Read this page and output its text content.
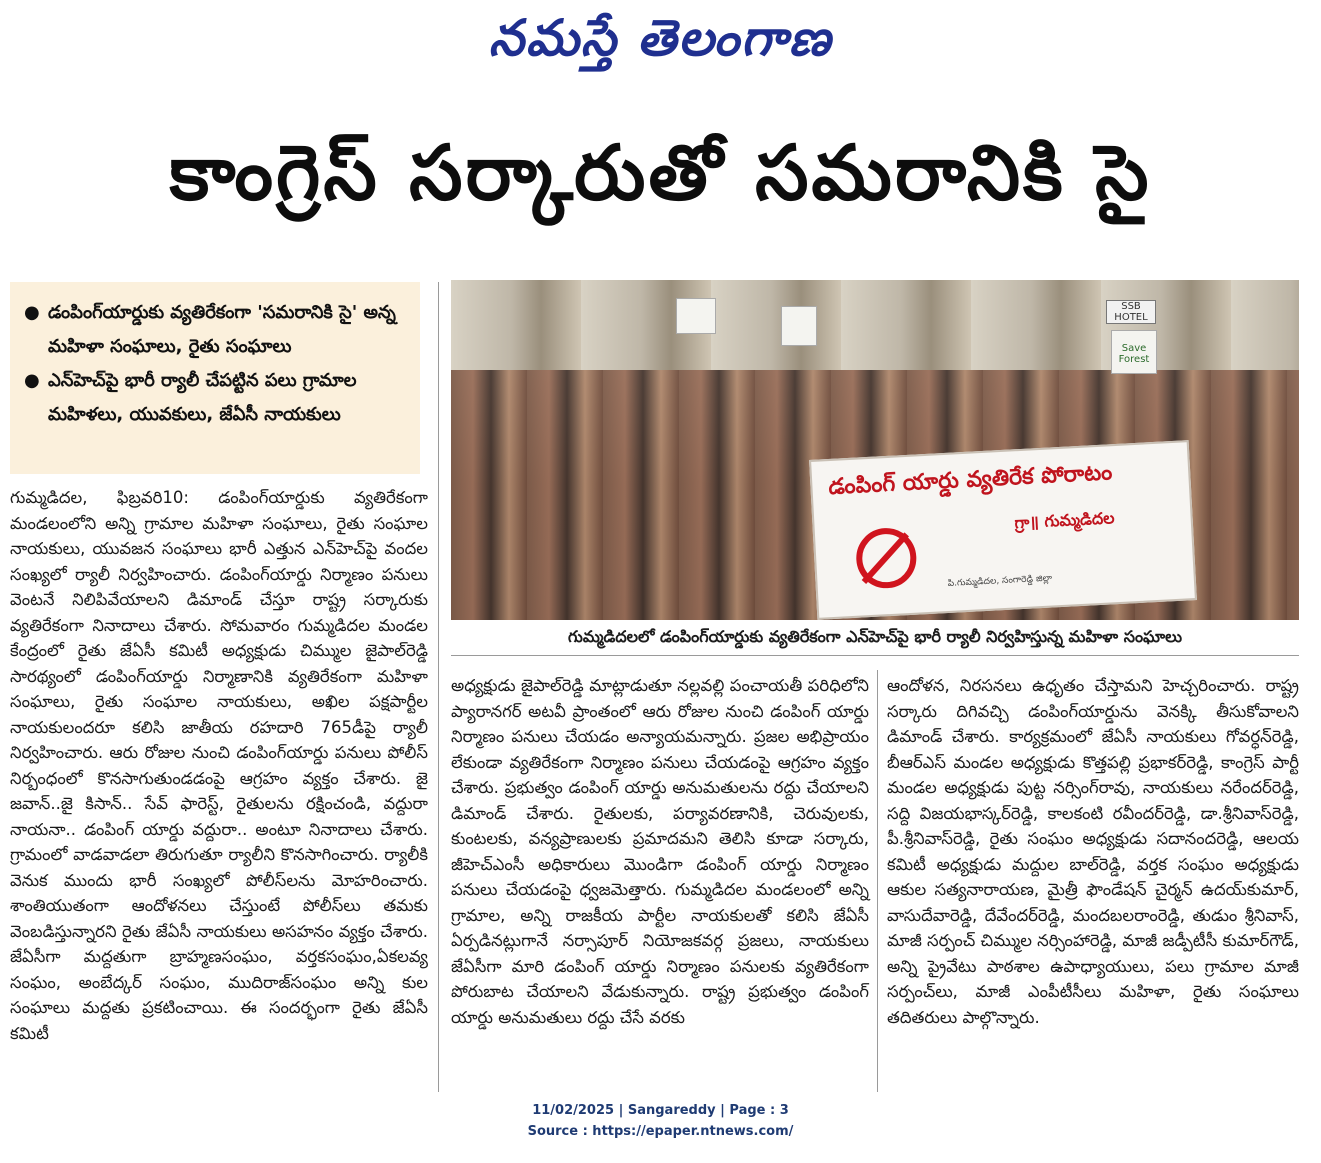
నమస్తే తెలంగాణ
కాంగ్రెస్ సర్కారుతో సమరానికి సై
● డంపింగ్‌యార్డుకు వ్యతిరేకంగా 'సమరానికి సై' అన్న మహిళా సంఘాలు, రైతు సంఘాలు
● ఎన్‌హెచ్‌పై భారీ ర్యాలీ చేపట్టిన పలు గ్రామాల మహిళలు, యువకులు, జేఏసీ నాయకులు
SSB HOTEL
Save Forest
డంపింగ్ యార్డు వ్యతిరేక పోరాటం
గ్రా॥ గుమ్మడిదల
పి.గుమ్మడిదల, సంగారెడ్డి జిల్లా
గుమ్మడిదలలో డంపింగ్‌యార్డుకు వ్యతిరేకంగా ఎన్‌హెచ్‌పై భారీ ర్యాలీ నిర్వహిస్తున్న మహిళా సంఘాలు

గుమ్మడిదల, ఫిబ్రవరి10: డంపింగ్‌యార్డుకు వ్యతిరేకంగా మండలంలోని అన్ని గ్రామాల మహిళా సంఘాలు, రైతు సంఘాల నాయకులు, యువజన సంఘాలు భారీ ఎత్తున ఎన్‌హెచ్‌పై వందల సంఖ్యలో ర్యాలీ నిర్వహించారు. డంపింగ్‌యార్డు నిర్మాణం పనులు వెంటనే నిలిపివేయాలని డిమాండ్ చేస్తూ రాష్ట్ర సర్కారుకు వ్యతిరేకంగా నినాదాలు చేశారు. సోమవారం గుమ్మడిదల మండల కేంద్రంలో రైతు జేఏసీ కమిటీ అధ్యక్షుడు చిమ్ముల జైపాల్‌రెడ్డి సారథ్యంలో డంపింగ్‌యార్డు నిర్మాణానికి వ్యతిరేకంగా మహిళా సంఘాలు, రైతు సంఘాల నాయకులు, అఖిల పక్షపార్టీల నాయకులందరూ కలిసి జాతీయ రహదారి 765డీపై ర్యాలీ నిర్వహించారు. ఆరు రోజుల నుంచి డంపింగ్‌యార్డు పనులు పోలీస్ నిర్బంధంలో కొనసాగుతుండడంపై ఆగ్రహం వ్యక్తం చేశారు. జై జవాన్..జై కిసాన్.. సేవ్ ఫారెస్ట్, రైతులను రక్షించండి, వద్దురా నాయనా.. డంపింగ్ యార్డు వద్దురా.. అంటూ నినాదాలు చేశారు. గ్రామంలో వాడవాడలా తిరుగుతూ ర్యాలీని కొనసాగించారు. ర్యాలీకి వెనుక ముందు భారీ సంఖ్యలో పోలీస్‌లను మోహరించారు. శాంతియుతంగా ఆందోళనలు చేస్తుంటే పోలీస్‌లు తమకు వెంబడిస్తున్నారని రైతు జేఏసీ నాయకులు అసహనం వ్యక్తం చేశారు. జేఏసీగా మద్దతుగా బ్రాహ్మణసంఘం, వర్తకసంఘం,ఏకలవ్య సంఘం, అంబేద్కర్ సంఘం, ముదిరాజ్‌సంఘం అన్ని కుల సంఘాలు మద్దతు ప్రకటించాయి. ఈ సందర్భంగా రైతు జేఏసీ కమిటీ

అధ్యక్షుడు జైపాల్‌రెడ్డి మాట్లాడుతూ నల్లవల్లి పంచాయతీ పరిధిలోని ప్యారానగర్ అటవీ ప్రాంతంలో ఆరు రోజుల నుంచి డంపింగ్ యార్డు నిర్మాణం పనులు చేయడం అన్యాయమన్నారు. ప్రజల అభిప్రాయం లేకుండా వ్యతిరేకంగా నిర్మాణం పనులు చేయడంపై ఆగ్రహం వ్యక్తం చేశారు. ప్రభుత్వం డంపింగ్ యార్డు అనుమతులను రద్దు చేయాలని డిమాండ్ చేశారు. రైతులకు, పర్యావరణానికి, చెరువులకు, కుంటలకు, వన్యప్రాణులకు ప్రమాదమని తెలిసి కూడా సర్కారు, జీహెచ్ఎంసీ అధికారులు మొండిగా డంపింగ్ యార్డు నిర్మాణం పనులు చేయడంపై ధ్వజమెత్తారు. గుమ్మడిదల మండలంలో అన్ని గ్రామాల, అన్ని రాజకీయ పార్టీల నాయకులతో కలిసి జేఏసీ ఏర్పడినట్లుగానే నర్సాపూర్ నియోజకవర్గ ప్రజలు, నాయకులు జేఏసీగా మారి డంపింగ్ యార్డు నిర్మాణం పనులకు వ్యతిరేకంగా పోరుబాట చేయాలని వేడుకున్నారు. రాష్ట్ర ప్రభుత్వం డంపింగ్ యార్డు అనుమతులు రద్దు చేసే వరకు

ఆందోళన, నిరసనలు ఉధృతం చేస్తామని హెచ్చరించారు. రాష్ట్ర సర్కారు దిగివచ్చి డంపింగ్‌యార్డును వెనక్కి తీసుకోవాలని డిమాండ్ చేశారు. కార్యక్రమంలో జేఏసీ నాయకులు గోవర్ధన్‌రెడ్డి, బీఆర్‌ఎస్ మండల అధ్యక్షుడు కొత్తపల్లి ప్రభాకర్‌రెడ్డి, కాంగ్రెస్ పార్టీ మండల అధ్యక్షుడు పుట్ట నర్సింగ్‌రావు, నాయకులు నరేందర్‌రెడ్డి, సద్ది విజయభాస్కర్‌రెడ్డి, కాలకంటి రవీందర్‌రెడ్డి, డా.శ్రీనివాస్‌రెడ్డి, పీ.శ్రీనివాస్‌రెడ్డి, రైతు సంఘం అధ్యక్షుడు సదానందరెడ్డి, ఆలయ కమిటీ అధ్యక్షుడు మద్దుల బాల్‌రెడ్డి, వర్తక సంఘం అధ్యక్షుడు ఆకుల సత్యనారాయణ, మైత్రీ ఫౌండేషన్ చైర్మన్ ఉదయ్‌కుమార్, వాసుదేవారెడ్డి, దేవేందర్‌రెడ్డి, మందబలరాంరెడ్డి, తుడుం శ్రీనివాస్, మాజీ సర్పంచ్ చిమ్ముల నర్సింహారెడ్డి, మాజీ జడ్పీటీసీ కుమార్‌గౌడ్, అన్ని ప్రైవేటు పాఠశాల ఉపాధ్యాయులు, పలు గ్రామాల మాజీ సర్పంచ్‌లు, మాజీ ఎంపీటీసీలు మహిళా, రైతు సంఘాలు తదితరులు పాల్గొన్నారు.

11/02/2025 | Sangareddy | Page : 3
Source : https://epaper.ntnews.com/
